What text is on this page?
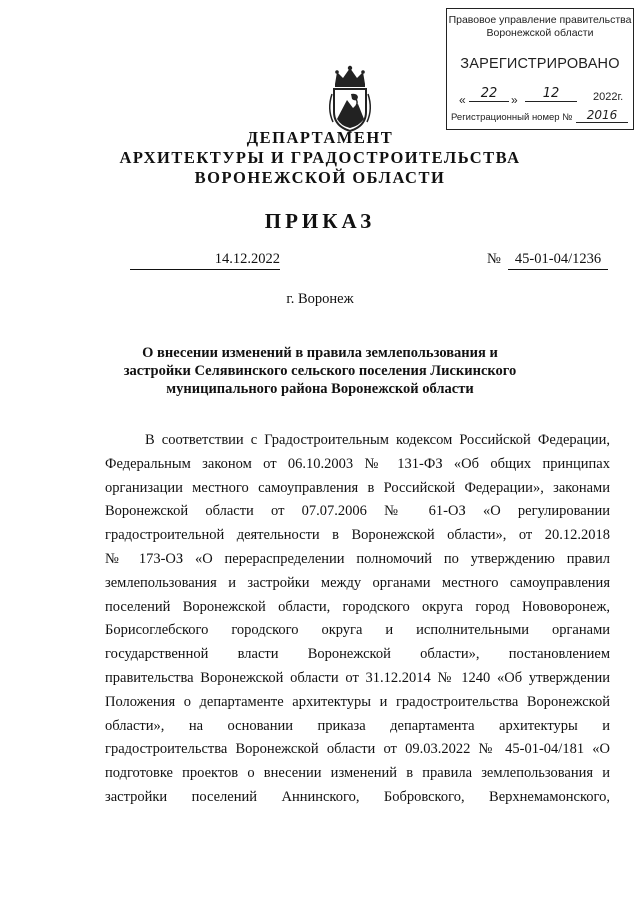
Правовое управление правительства
Воронежской области
ЗАРЕГИСТРИРОВАНО
«	22	»	12	2022г.
Регистрационный номер №	2016
ДЕПАРТАМЕНТ
АРХИТЕКТУРЫ И ГРАДОСТРОИТЕЛЬСТВА
ВОРОНЕЖСКОЙ ОБЛАСТИ
ПРИКАЗ
14.12.2022	№ 45-01-04/1236
г. Воронеж
О внесении изменений в правила землепользования и застройки Селявинского сельского поселения Лискинского муниципального района Воронежской области
В соответствии с Градостроительным кодексом Российской Федерации,
Федеральным законом от 06.10.2003 № 131-ФЗ «Об общих принципах
организации местного самоуправления в Российской Федерации», законами
Воронежской области от 07.07.2006 № 61-ОЗ «О регулировании
градостроительной деятельности в Воронежской области», от 20.12.2018
№ 173-ОЗ «О перераспределении полномочий по утверждению правил
землепользования и застройки между органами местного самоуправления
поселений Воронежской области, городского округа город Нововоронеж,
Борисоглебского городского округа и исполнительными органами
государственной власти Воронежской области», постановлением
правительства Воронежской области от 31.12.2014 № 1240 «Об утверждении
Положения о департаменте архитектуры и градостроительства Воронежской
области», на основании приказа департамента архитектуры и
градостроительства Воронежской области от 09.03.2022 № 45-01-04/181 «О
подготовке проектов о внесении изменений в правила землепользования и
застройки поселений Аннинского, Бобровского, Верхнемамонского,
